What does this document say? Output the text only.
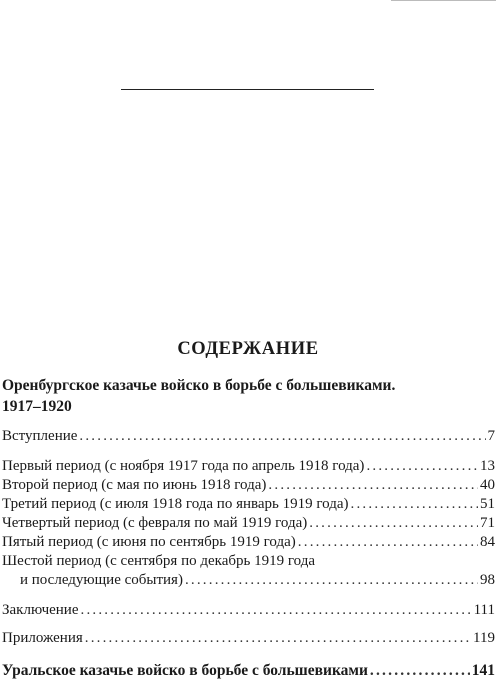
СОДЕРЖАНИЕ
Оренбургское казачье войско в борьбе с большевиками.
1917–1920
Вступление .....	7
Первый период (с ноября 1917 года по апрель 1918 года) .....	13
Второй период (с мая по июнь 1918 года) .....	40
Третий период (с июля 1918 года по январь 1919 года) .....	51
Четвертый период (с февраля по май 1919 года) .....	71
Пятый период (с июня по сентябрь 1919 года) .....	84
Шестой период (с сентября по декабрь 1919 года
и последующие события) .....	98
Заключение .....	111
Приложения .....	119
Уральское казачье войско в борьбе с большевиками .....	141
